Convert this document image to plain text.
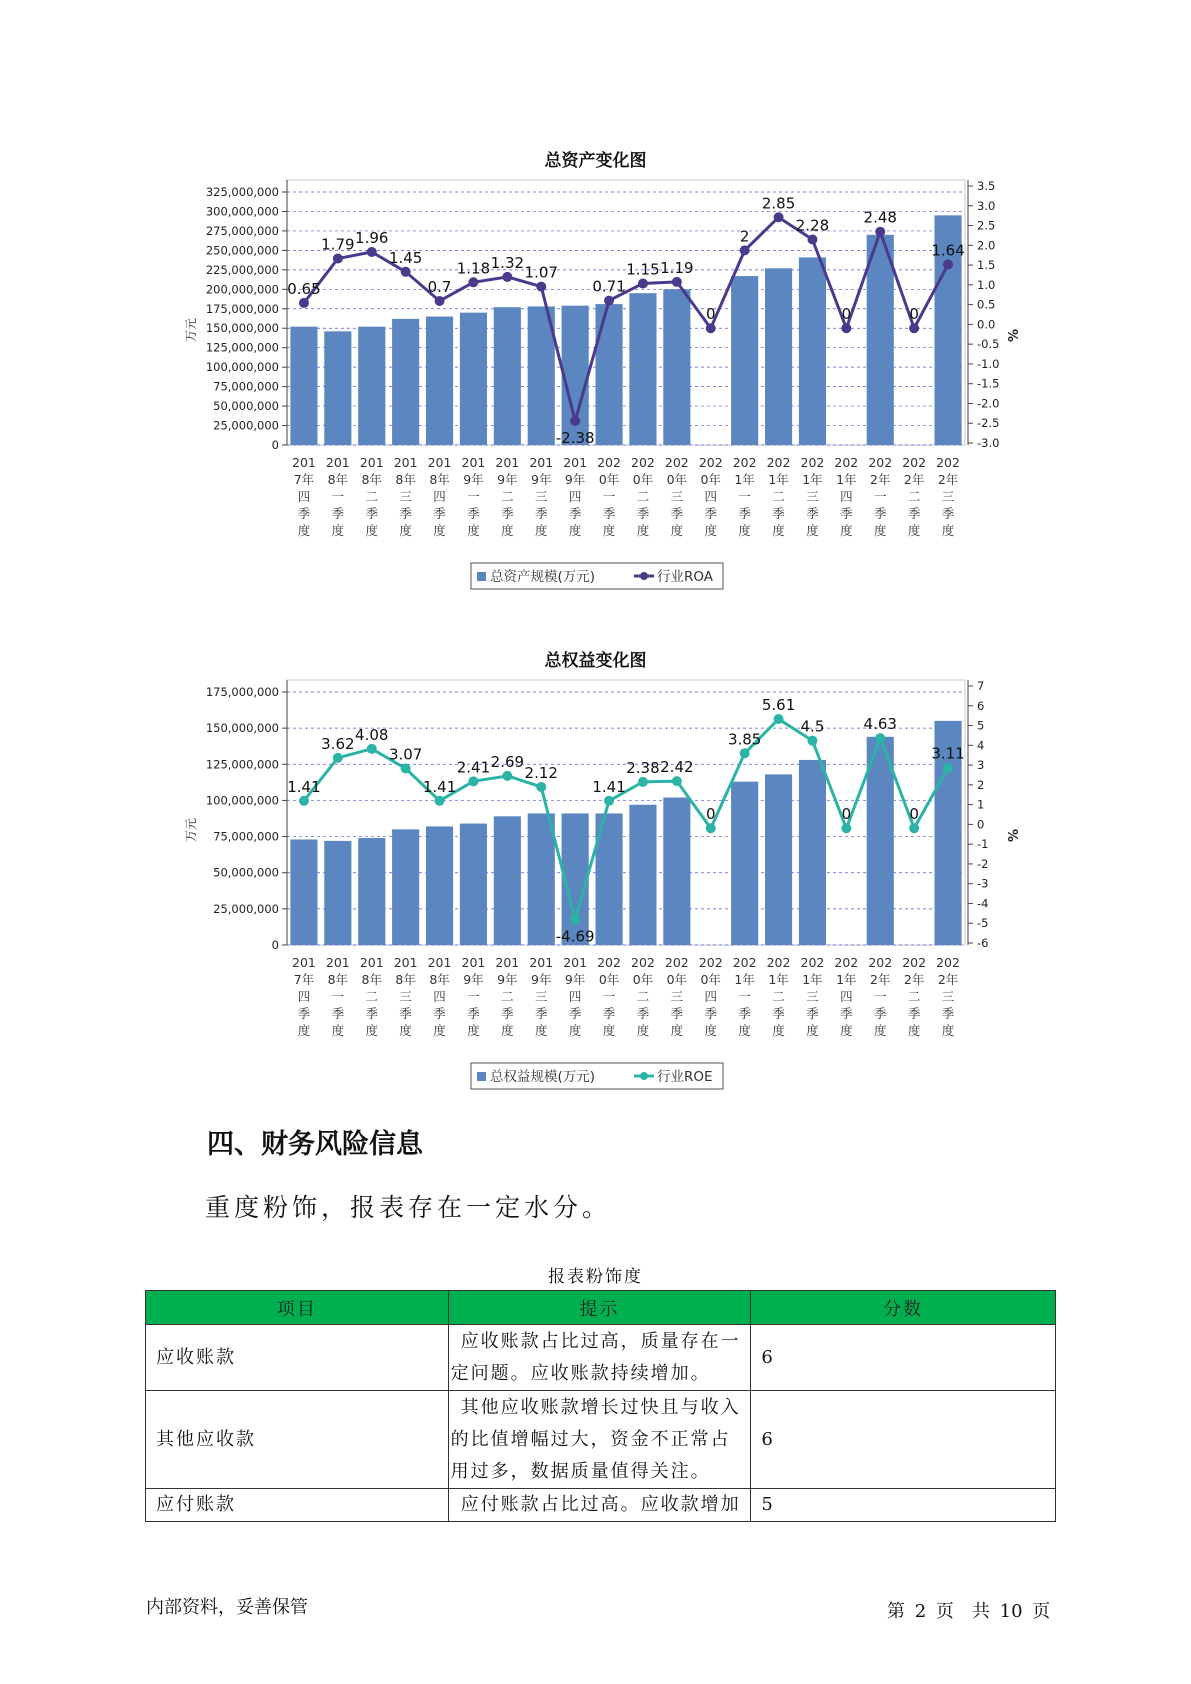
总资产变化图
325,000,000
300,000,000
275,000,000
250,000,000
225,000,000
200,000,000
175,000,000
150,000,000
125,000,000
100,000,000
75,000,000
50,000,000
25,000,000
0
3.5
3.0
2.5
2.0
1.5
1.0
0.5
0.0
-0.5
-1.0
-1.5
-2.0
-2.5
-3.0
万元	%
0.65
1.79 1.96
1.45
0.7
1.18 1.32
1.07
-2.38
0.71
1.15 1.19
0
2
2.85
2.28
0
2.48
0
1.64
201
7年
四
季
度
201
8年
一
季
度
201
8年
二
季
度
201
8年
三
季
度
201
8年
四
季
度
201
9年
一
季
度
201
9年
二
季
度
201
9年
三
季
度
201
9年
四
季
度
202
0年
一
季
度
202
0年
二
季
度
202
0年
三
季
度
202
0年
四
季
度
202
1年
一
季
度
202
1年
二
季
度
202
1年
三
季
度
202
1年
四
季
度
202
2年
一
季
度
202
2年
二
季
度
202
2年
三
季
度
总资产规模(万元)	行业ROA
总权益变化图
175,000,000
150,000,000
125,000,000
100,000,000
75,000,000
50,000,000
25,000,000
0
7
6
5
4
3
2
1
0
-1
-2
-3
-4
-5
-6
万元	%
1.41
3.62 4.08
3.07
1.41
2.41 2.69
2.12
-4.69
1.41
2.38 2.42
0
3.85
5.61
4.5
0
4.63
0
3.11
201
7年
四
季
度
201
8年
一
季
度
201
8年
二
季
度
201
8年
三
季
度
201
8年
四
季
度
201
9年
一
季
度
201
9年
二
季
度
201
9年
三
季
度
201
9年
四
季
度
202
0年
一
季
度
202
0年
二
季
度
202
0年
三
季
度
202
0年
四
季
度
202
1年
一
季
度
202
1年
二
季
度
202
1年
三
季
度
202
1年
四
季
度
202
2年
一
季
度
202
2年
二
季
度
202
2年
三
季
度
总权益规模(万元)	行业ROE
四、财务风险信息
重度粉饰，报表存在一定水分。
报表粉饰度
项目	提示	分数
应收账款	应收账款占比过高，质量存在一定问题。应收账款持续增加。	6
其他应收款	其他应收账款增长过快且与收入的比值增幅过大，资金不正常占用过多，数据质量值得关注。	6
应付账款	应付账款占比过高。应收款增加	5
内部资料，妥善保管	第 2 页　共 10 页
